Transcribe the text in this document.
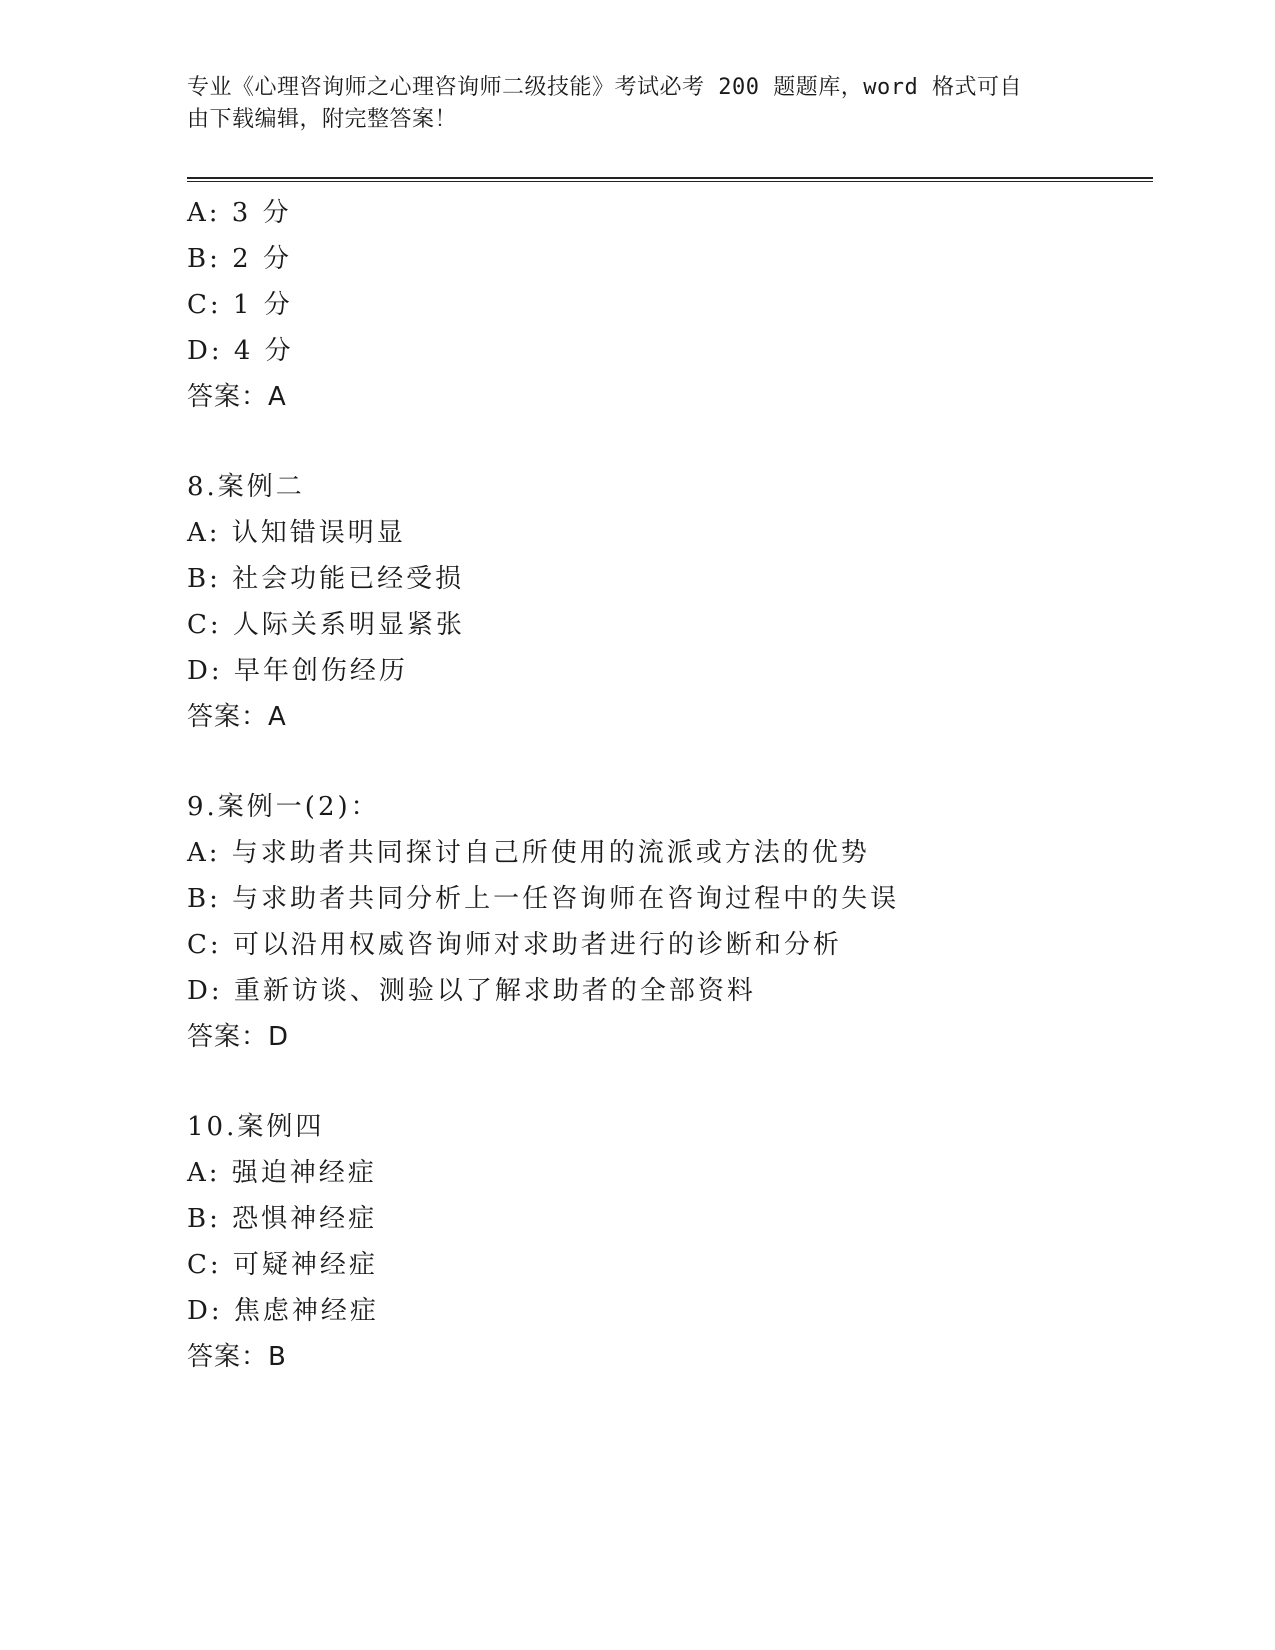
专业《心理咨询师之心理咨询师二级技能》考试必考 200 题题库，word 格式可自
由下载编辑，附完整答案！
A: 3 分
B: 2 分
C: 1 分
D: 4 分
答案：A
8.案例二
A: 认知错误明显
B: 社会功能已经受损
C: 人际关系明显紧张
D: 早年创伤经历
答案：A
9.案例一(2)：
A: 与求助者共同探讨自己所使用的流派或方法的优势
B: 与求助者共同分析上一任咨询师在咨询过程中的失误
C: 可以沿用权威咨询师对求助者进行的诊断和分析
D: 重新访谈、测验以了解求助者的全部资料
答案：D
10.案例四
A: 强迫神经症
B: 恐惧神经症
C: 可疑神经症
D: 焦虑神经症
答案：B
